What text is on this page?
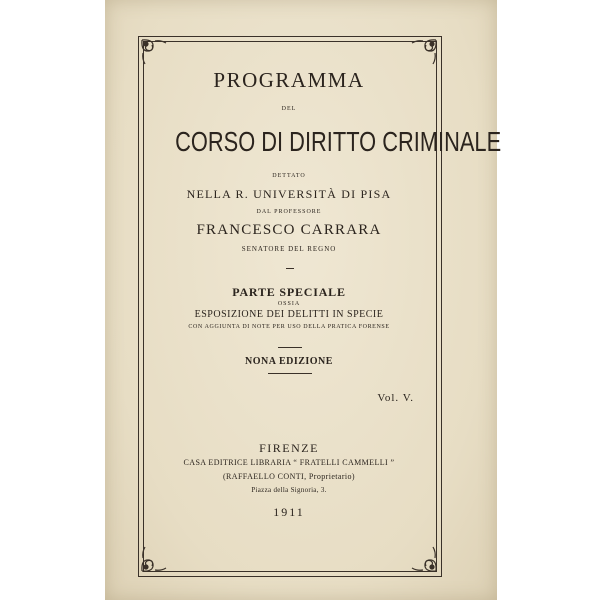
PROGRAMMA
DEL
CORSO DI DIRITTO CRIMINALE
DETTATO
NELLA R. UNIVERSITÀ DI PISA
DAL PROFESSORE
FRANCESCO CARRARA
SENATORE DEL REGNO
PARTE SPECIALE
OSSIA
ESPOSIZIONE DEI DELITTI IN SPECIE
CON AGGIUNTA DI NOTE PER USO DELLA PRATICA FORENSE
NONA EDIZIONE
Vol. V.
FIRENZE
CASA EDITRICE LIBRARIA “ FRATELLI CAMMELLI ”
(RAFFAELLO CONTI, Proprietario)
Piazza della Signoria, 3.
1911
